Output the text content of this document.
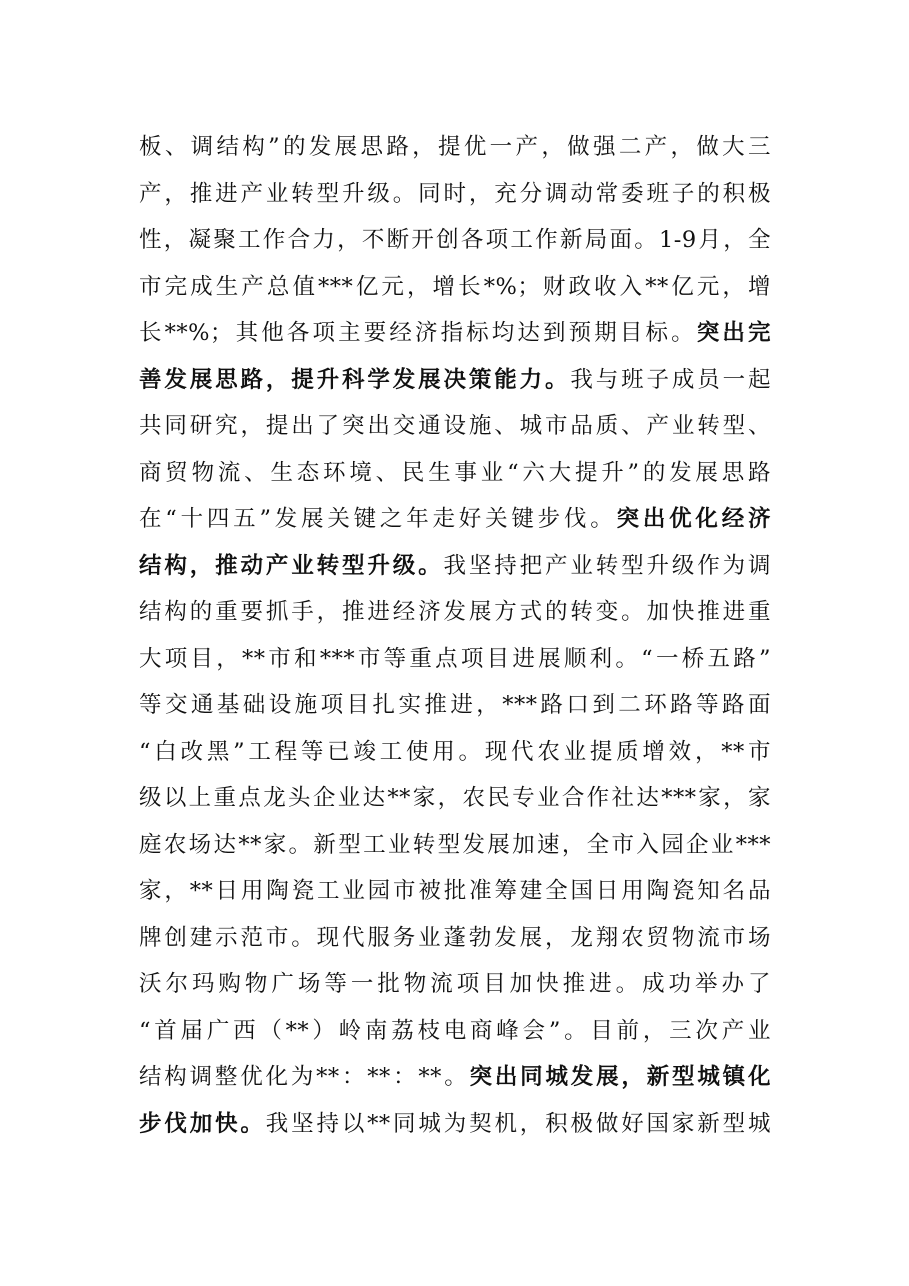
板、调结构”的发展思路，提优一产，做强二产，做大三
产，推进产业转型升级。同时，充分调动常委班子的积极
性，凝聚工作合力，不断开创各项工作新局面。1-9月，全
市完成生产总值***亿元，增长*%；财政收入**亿元，增
长**%；其他各项主要经济指标均达到预期目标。突出完
善发展思路，提升科学发展决策能力。我与班子成员一起
共同研究，提出了突出交通设施、城市品质、产业转型、
商贸物流、生态环境、民生事业“六大提升”的发展思路
在“十四五”发展关键之年走好关键步伐。突出优化经济
结构，推动产业转型升级。我坚持把产业转型升级作为调
结构的重要抓手，推进经济发展方式的转变。加快推进重
大项目，**市和***市等重点项目进展顺利。“一桥五路”
等交通基础设施项目扎实推进，***路口到二环路等路面
“白改黑”工程等已竣工使用。现代农业提质增效，**市
级以上重点龙头企业达**家，农民专业合作社达***家，家
庭农场达**家。新型工业转型发展加速，全市入园企业***
家，**日用陶瓷工业园市被批准筹建全国日用陶瓷知名品
牌创建示范市。现代服务业蓬勃发展，龙翔农贸物流市场
沃尔玛购物广场等一批物流项目加快推进。成功举办了
“首届广西（**）岭南荔枝电商峰会”。目前，三次产业
结构调整优化为**：**：**。突出同城发展，新型城镇化
步伐加快。我坚持以**同城为契机，积极做好国家新型城
